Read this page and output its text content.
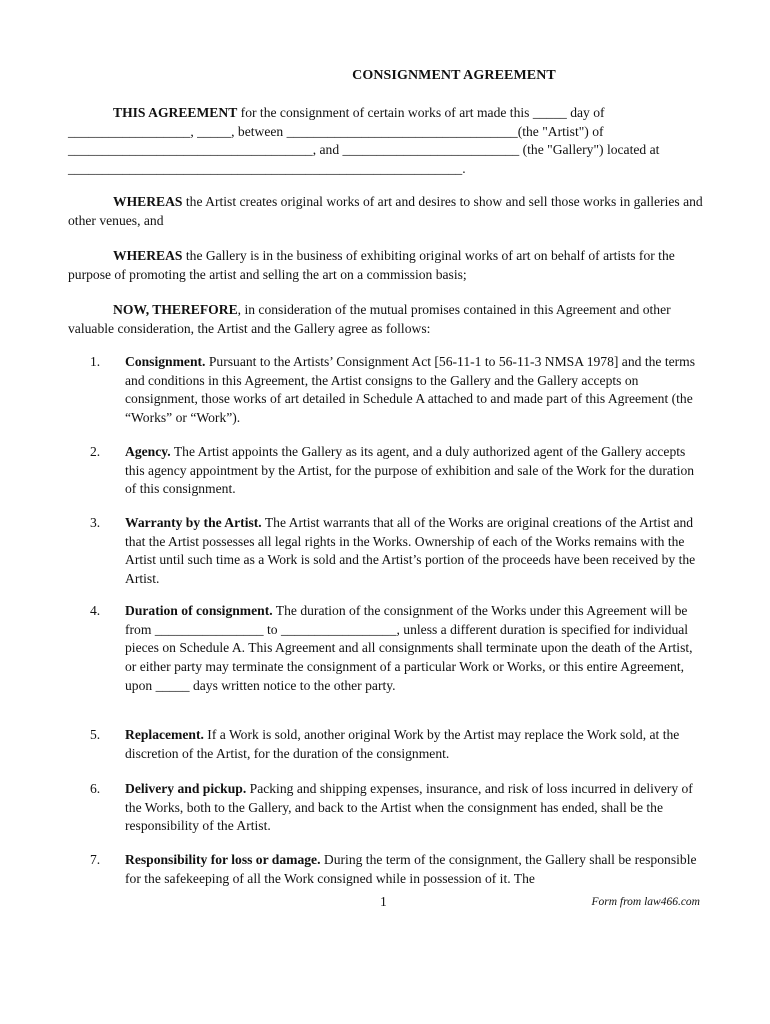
CONSIGNMENT AGREEMENT
THIS AGREEMENT for the consignment of certain works of art made this _____ day of __________________, _____, between __________________________________(the "Artist") of ____________________________________, and __________________________ (the "Gallery") located at __________________________________________________________.
WHEREAS the Artist creates original works of art and desires to show and sell those works in galleries and other venues, and
WHEREAS the Gallery is in the business of exhibiting original works of art on behalf of artists for the purpose of promoting the artist and selling the art on a commission basis;
NOW, THEREFORE, in consideration of the mutual promises contained in this Agreement and other valuable consideration, the Artist and the Gallery agree as follows:
1. Consignment. Pursuant to the Artists’ Consignment Act [56-11-1 to 56-11-3 NMSA 1978] and the terms and conditions in this Agreement, the Artist consigns to the Gallery and the Gallery accepts on consignment, those works of art detailed in Schedule A attached to and made part of this Agreement (the “Works” or “Work”).
2. Agency. The Artist appoints the Gallery as its agent, and a duly authorized agent of the Gallery accepts this agency appointment by the Artist, for the purpose of exhibition and sale of the Work for the duration of this consignment.
3. Warranty by the Artist. The Artist warrants that all of the Works are original creations of the Artist and that the Artist possesses all legal rights in the Works. Ownership of each of the Works remains with the Artist until such time as a Work is sold and the Artist’s portion of the proceeds have been received by the Artist.
4. Duration of consignment. The duration of the consignment of the Works under this Agreement will be from ________________ to _________________, unless a different duration is specified for individual pieces on Schedule A. This Agreement and all consignments shall terminate upon the death of the Artist, or either party may terminate the consignment of a particular Work or Works, or this entire Agreement, upon _____ days written notice to the other party.
5. Replacement. If a Work is sold, another original Work by the Artist may replace the Work sold, at the discretion of the Artist, for the duration of the consignment.
6. Delivery and pickup. Packing and shipping expenses, insurance, and risk of loss incurred in delivery of the Works, both to the Gallery, and back to the Artist when the consignment has ended, shall be the responsibility of the Artist.
7. Responsibility for loss or damage. During the term of the consignment, the Gallery shall be responsible for the safekeeping of all the Work consigned while in possession of it. The
1	Form from law466.com
